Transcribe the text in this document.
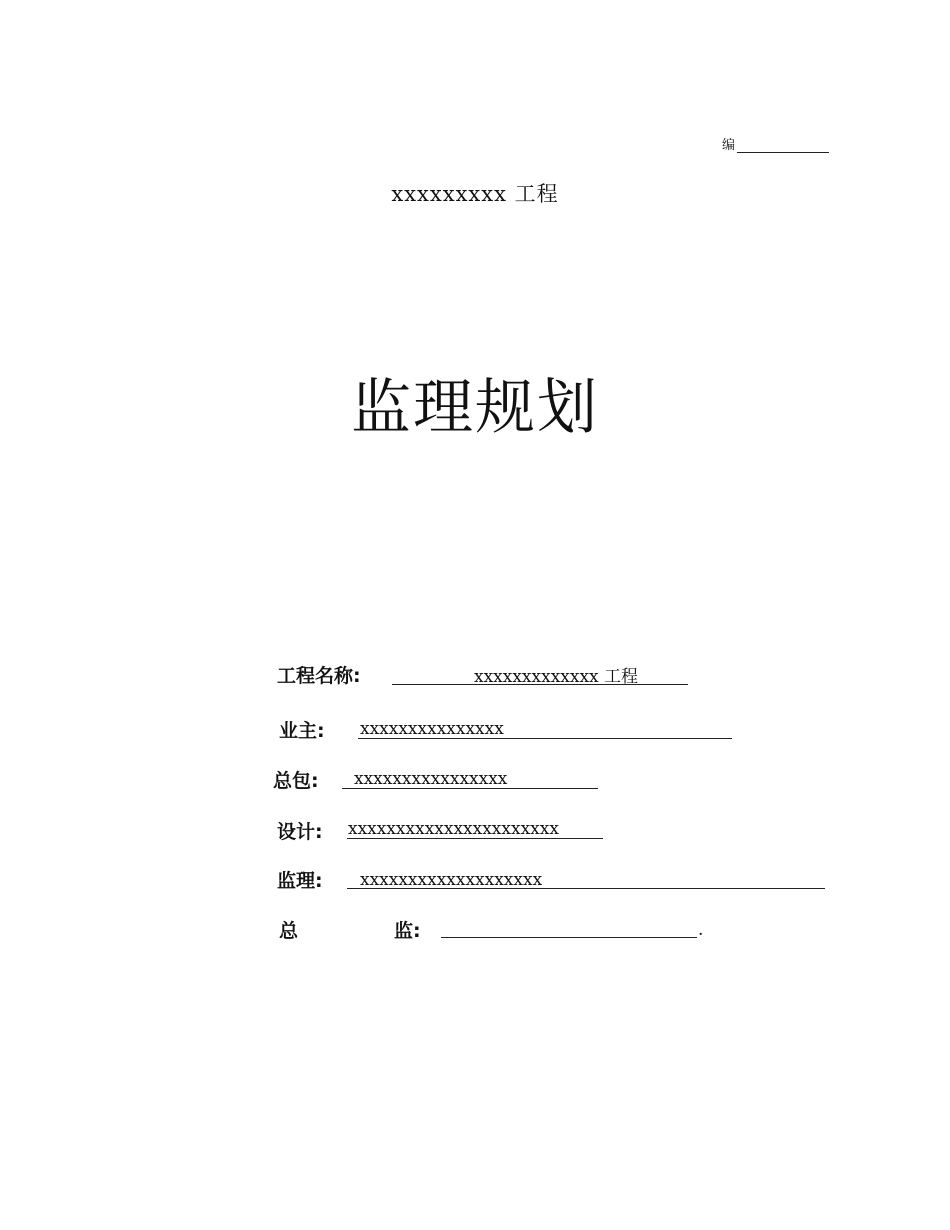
编
xxxxxxxxx 工程
监理规划
工程名称:	xxxxxxxxxxxxx 工程
业主: xxxxxxxxxxxxxxx
总包: xxxxxxxxxxxxxxxx
设计: xxxxxxxxxxxxxxxxxxxxxx
监理: xxxxxxxxxxxxxxxxxxx
总	监:	.
